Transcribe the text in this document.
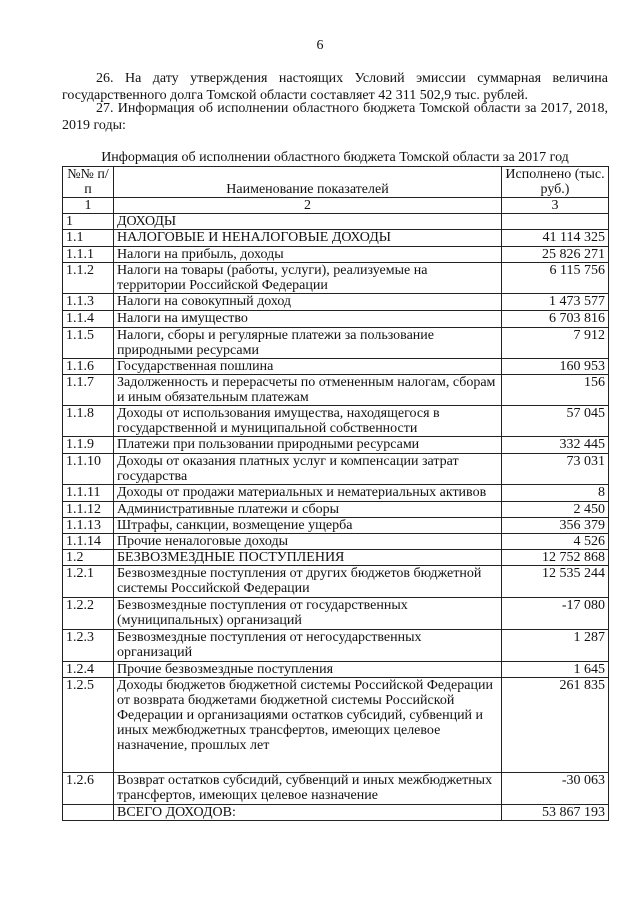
6
26. На дату утверждения настоящих Условий эмиссии суммарная величина государственного долга Томской области составляет 42 311 502,9 тыс. рублей.
27. Информация об исполнении областного бюджета Томской области за 2017, 2018, 2019 годы:
Информация об исполнении областного бюджета Томской области за 2017 год
№№ п/п	Наименование показателей	Исполнено (тыс. руб.)
1	2	3
1	ДОХОДЫ	
1.1	НАЛОГОВЫЕ И НЕНАЛОГОВЫЕ ДОХОДЫ	41 114 325
1.1.1	Налоги на прибыль, доходы	25 826 271
1.1.2	Налоги на товары (работы, услуги), реализуемые на территории Российской Федерации	6 115 756
1.1.3	Налоги на совокупный доход	1 473 577
1.1.4	Налоги на имущество	6 703 816
1.1.5	Налоги, сборы и регулярные платежи за пользование природными ресурсами	7 912
1.1.6	Государственная пошлина	160 953
1.1.7	Задолженность и перерасчеты по отмененным налогам, сборам и иным обязательным платежам	156
1.1.8	Доходы от использования имущества, находящегося в государственной и муниципальной собственности	57 045
1.1.9	Платежи при пользовании природными ресурсами	332 445
1.1.10	Доходы от оказания платных услуг и компенсации затрат государства	73 031
1.1.11	Доходы от продажи материальных и нематериальных активов	8
1.1.12	Административные платежи и сборы	2 450
1.1.13	Штрафы, санкции, возмещение ущерба	356 379
1.1.14	Прочие неналоговые доходы	4 526
1.2	БЕЗВОЗМЕЗДНЫЕ ПОСТУПЛЕНИЯ	12 752 868
1.2.1	Безвозмездные поступления от других бюджетов бюджетной системы Российской Федерации	12 535 244
1.2.2	Безвозмездные поступления от государственных (муниципальных) организаций	-17 080
1.2.3	Безвозмездные поступления от негосударственных организаций	1 287
1.2.4	Прочие безвозмездные поступления	1 645
1.2.5	Доходы бюджетов бюджетной системы Российской Федерации от возврата бюджетами бюджетной системы Российской Федерации и организациями остатков субсидий, субвенций и иных межбюджетных трансфертов, имеющих целевое назначение, прошлых лет	261 835
1.2.6	Возврат остатков субсидий, субвенций и иных межбюджетных трансфертов, имеющих целевое назначение	-30 063
	ВСЕГО ДОХОДОВ:	53 867 193
